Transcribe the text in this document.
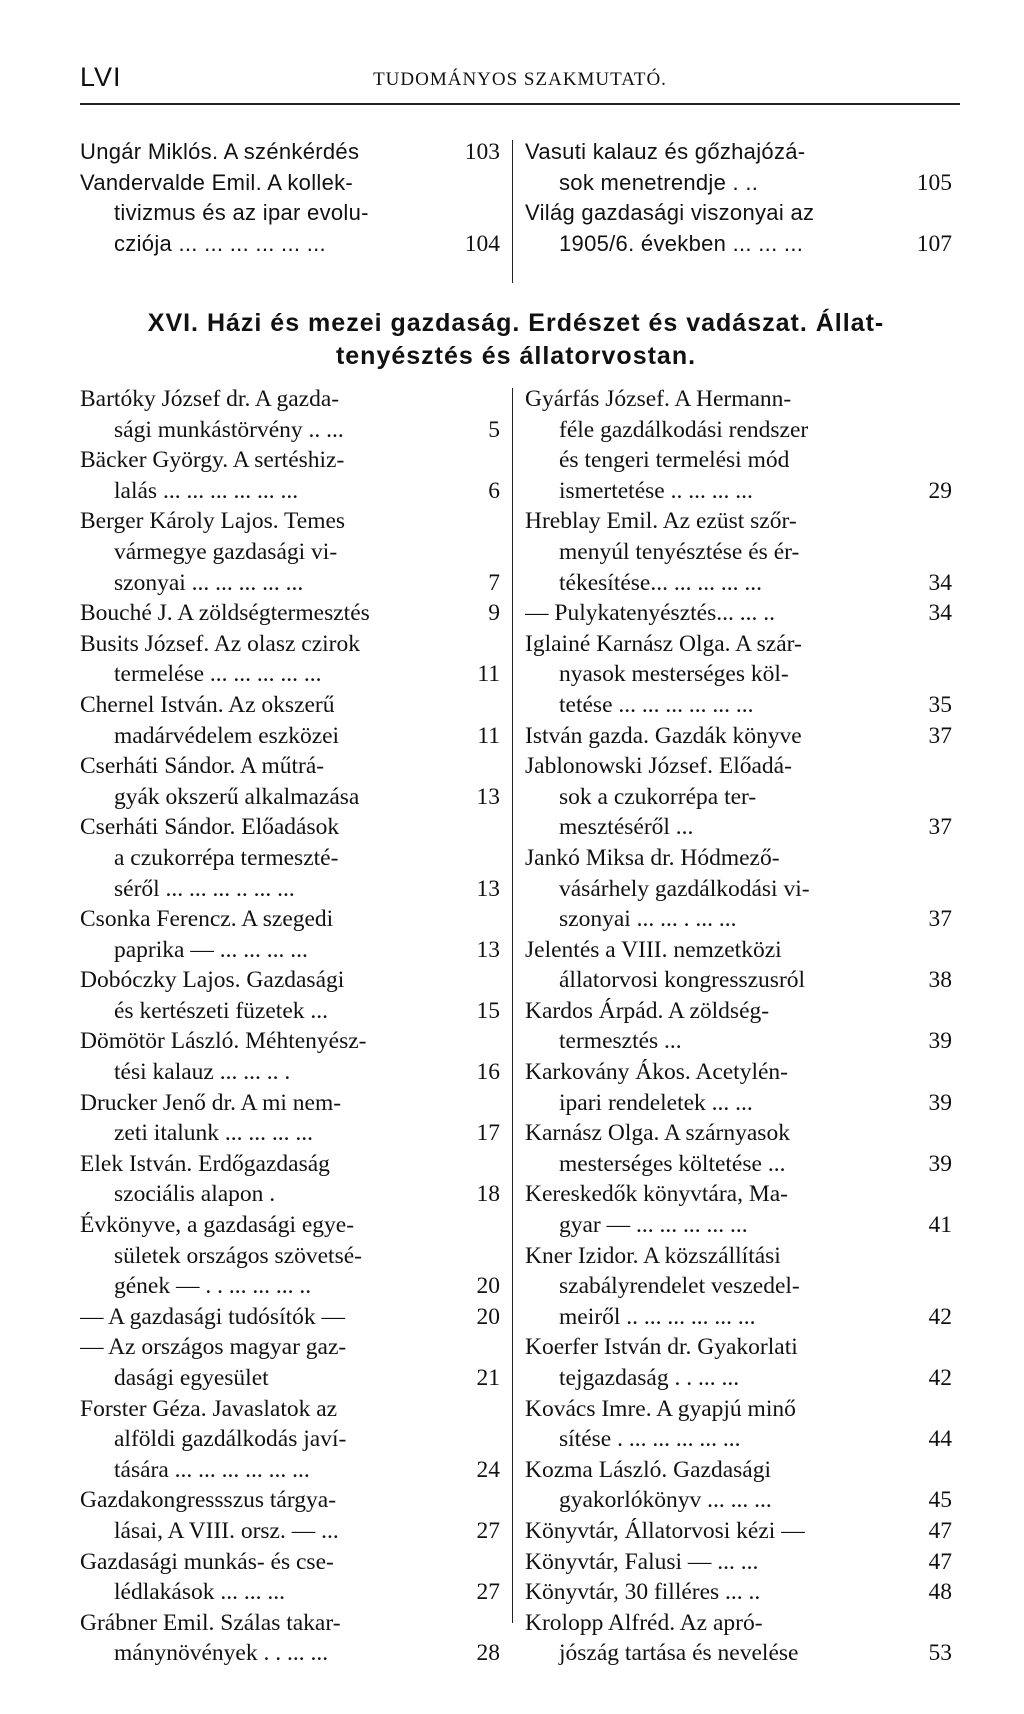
LVI	TUDOMÁNYOS SZAKMUTATÓ.
Ungár Miklós. A szénkérdés	103
Vandervalde Emil. A kollek-
tivizmus és az ipar evolu-
cziója ... ... ... ... ... ...	104
Vasuti kalauz és gőzhajózá-
sok menetrendje . ..	105
Világ gazdasági viszonyai az
1905/6. években ... ... ...	107
XVI. Házi és mezei gazdaság. Erdészet és vadászat. Állat-
tenyésztés és állatorvostan.
Bartóky József dr. A gazda-
sági munkástörvény .. ...	5
Bäcker György. A sertéshiz-
lalás ... ... ... ... ... ...	6
Berger Károly Lajos. Temes
vármegye gazdasági vi-
szonyai ... ... ... ... ...	7
Bouché J. A zöldségtermesztés	9
Busits József. Az olasz czirok
termelése ... ... ... ... ...	11
Chernel István. Az okszerű
madárvédelem eszközei	11
Cserháti Sándor. A műtrá-
gyák okszerű alkalmazása	13
Cserháti Sándor. Előadások
a czukorrépa termeszté-
séről ... ... ... .. ... ...	13
Csonka Ferencz. A szegedi
paprika — ... ... ... ...	13
Dobóczky Lajos. Gazdasági
és kertészeti füzetek ...	15
Dömötör László. Méhtenyész-
tési kalauz ... ... .. .	16
Drucker Jenő dr. A mi nem-
zeti italunk ... ... ... ...	17
Elek István. Erdőgazdaság
szociális alapon .	18
Évkönyve, a gazdasági egye-
sületek országos szövetsé-
gének — . . ... ... ... ..	20
— A gazdasági tudósítók —	20
— Az országos magyar gaz-
dasági egyesület	21
Forster Géza. Javaslatok az
alföldi gazdálkodás javí-
tására ... ... ... ... ... ...	24
Gazdakongressszus tárgya-
lásai, A VIII. orsz. — ...	27
Gazdasági munkás- és cse-
lédlakások ... ... ...	27
Grábner Emil. Szálas takar-
mánynövények . . ... ...	28
Gyárfás József. A Hermann-
féle gazdálkodási rendszer
és tengeri termelési mód
ismertetése .. ... ... ...	29
Hreblay Emil. Az ezüst szőr-
menyúl tenyésztése és ér-
tékesítése... ... ... ... ...	34
— Pulykatenyésztés... ... ..	34
Iglainé Karnász Olga. A szár-
nyasok mesterséges köl-
tetése ... ... ... ... ... ...	35
István gazda. Gazdák könyve	37
Jablonowski József. Előadá-
sok a czukorrépa ter-
mesztéséről ...	37
Jankó Miksa dr. Hódmező-
vásárhely gazdálkodási vi-
szonyai ... ... . ... ...	37
Jelentés a VIII. nemzetközi
állatorvosi kongresszusról	38
Kardos Árpád. A zöldség-
termesztés ...	39
Karkovány Ákos. Acetylén-
ipari rendeletek ... ...	39
Karnász Olga. A szárnyasok
mesterséges költetése ...	39
Kereskedők könyvtára, Ma-
gyar — ... ... ... ... ...	41
Kner Izidor. A közszállítási
szabályrendelet veszedel-
meiről .. ... ... ... ... ...	42
Koerfer István dr. Gyakorlati
tejgazdaság . . ... ...	42
Kovács Imre. A gyapjú minő
sítése . ... ... ... ... ...	44
Kozma László. Gazdasági
gyakorlókönyv ... ... ...	45
Könyvtár, Állatorvosi kézi —	47
Könyvtár, Falusi — ... ...	47
Könyvtár, 30 filléres ... ..	48
Krolopp Alfréd. Az apró-
jószág tartása és nevelése	53
